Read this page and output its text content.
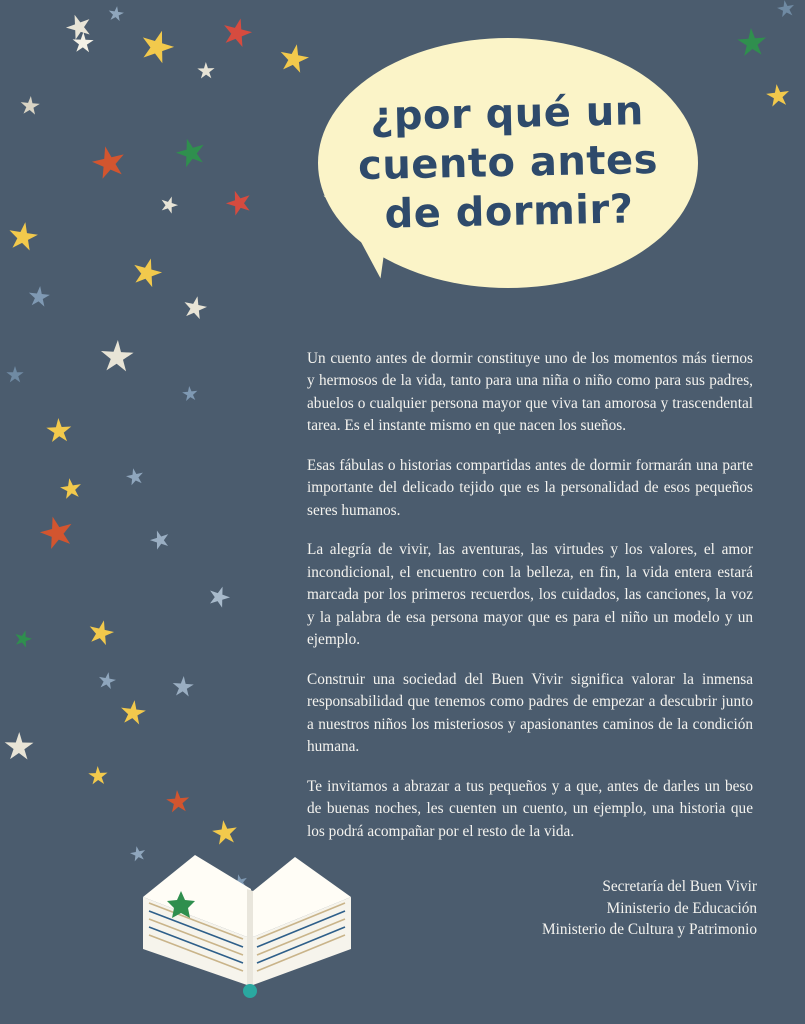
¿por qué un
cuento antes
de dormir?

Un cuento antes de dormir constituye uno de los momentos más tiernos y hermosos de la vida, tanto para una niña o niño como para sus padres, abuelos o cualquier persona mayor que viva tan amorosa y trascendental tarea. Es el instante mismo en que nacen los sueños.

Esas fábulas o historias compartidas antes de dormir formarán una parte importante del delicado tejido que es la personalidad de esos pequeños seres humanos.

La alegría de vivir, las aventuras, las virtudes y los valores, el amor incondicional, el encuentro con la belleza, en fin, la vida entera estará marcada por los primeros recuerdos, los cuidados, las canciones, la voz y la palabra de esa persona mayor que es para el niño un modelo y un ejemplo.

Construir una sociedad del Buen Vivir significa valorar la inmensa responsabilidad que tenemos como padres de empezar a descubrir junto a nuestros niños los misteriosos y apasionantes caminos de la condición humana.

Te invitamos a abrazar a tus pequeños y a que, antes de darles un beso de buenas noches, les cuenten un cuento, un ejemplo, una historia que los podrá acompañar por el resto de la vida.

Secretaría del Buen Vivir
Ministerio de Educación
Ministerio de Cultura y Patrimonio
